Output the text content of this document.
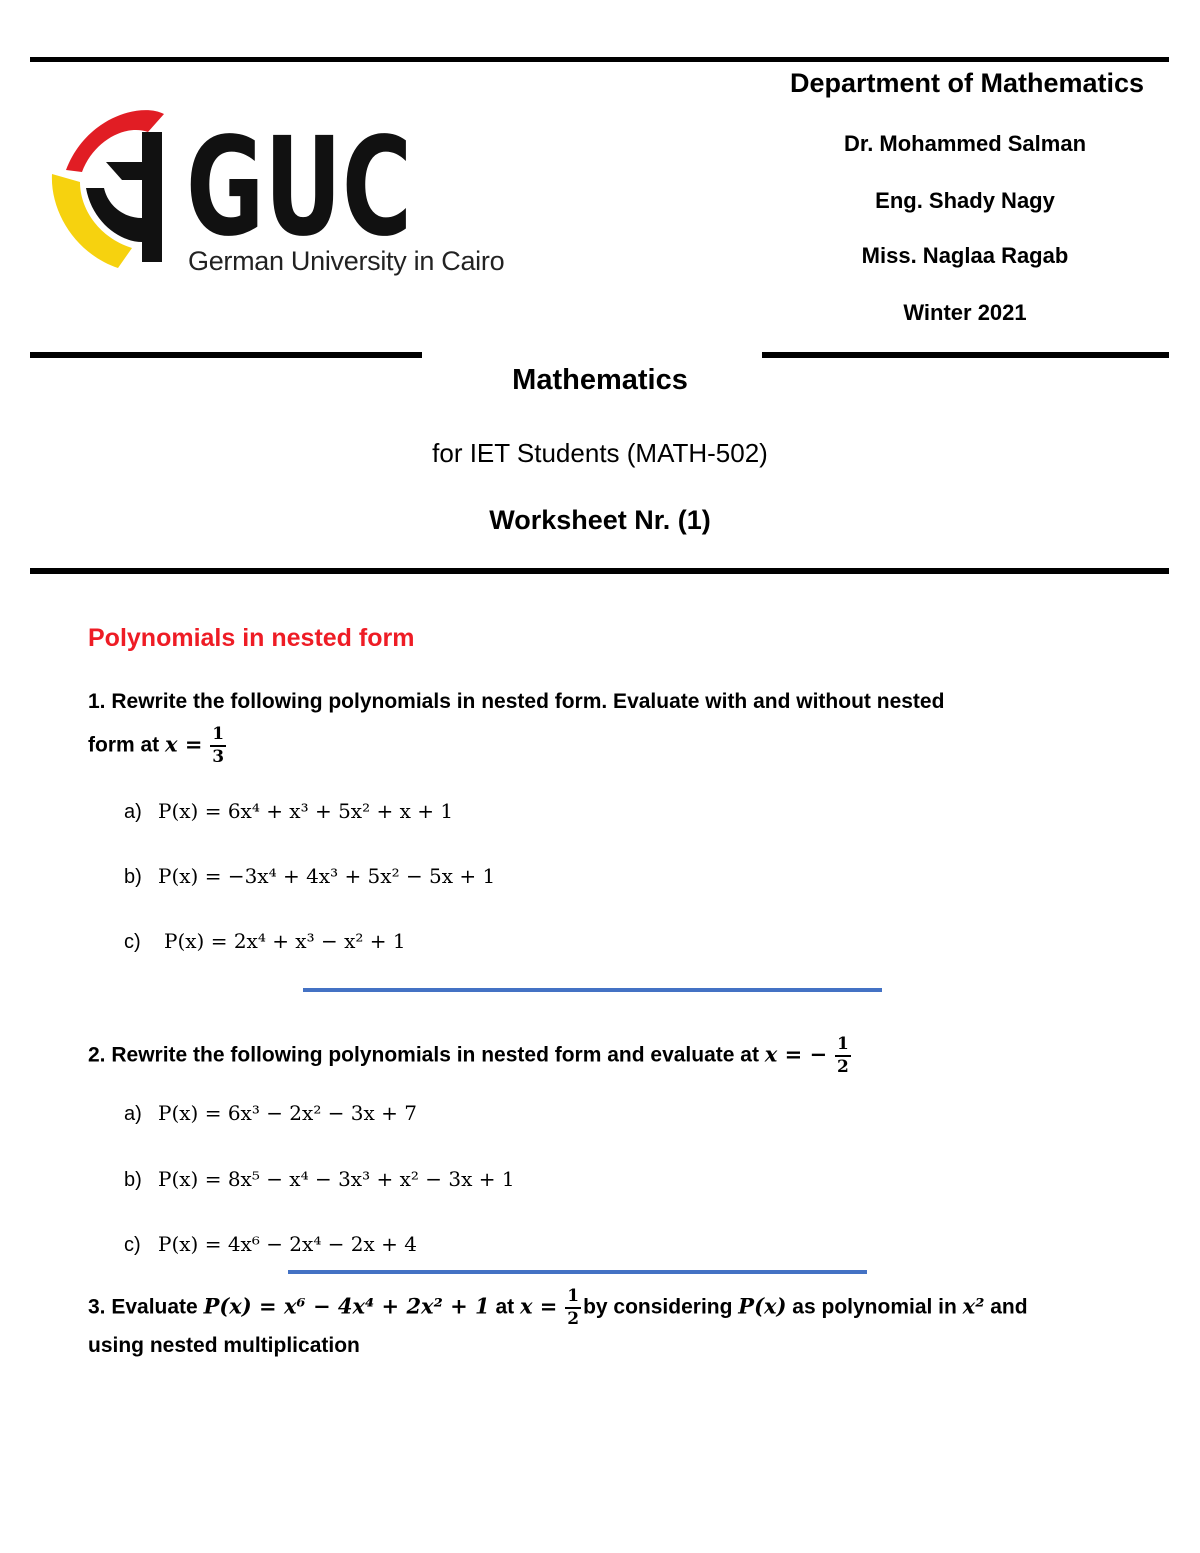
GUC
German University in Cairo
Department of Mathematics
Dr. Mohammed Salman
Eng. Shady Nagy
Miss. Naglaa Ragab
Winter 2021
Mathematics
for IET Students (MATH-502)
Worksheet Nr. (1)
Polynomials in nested form
1. Rewrite the following polynomials in nested form. Evaluate with and without nested
form at $x = \frac{1}{3}$
a) P(x) = 6x⁴ + x³ + 5x² + x + 1
b) P(x) = −3x⁴ + 4x³ + 5x² − 5x + 1
c) P(x) = 2x⁴ + x³ − x² + 1
2. Rewrite the following polynomials in nested form and evaluate at x = − $\frac{1}{2}$
a) P(x) = 6x³ − 2x² − 3x + 7
b) P(x) = 8x⁵ − x⁴ − 3x³ + x² − 3x + 1
c) P(x) = 4x⁶ − 2x⁴ − 2x + 4
3. Evaluate P(x) = x⁶ − 4x⁴ + 2x² + 1 at $x = \frac{1}{2}$ by considering P(x) as polynomial in x² and
using nested multiplication
